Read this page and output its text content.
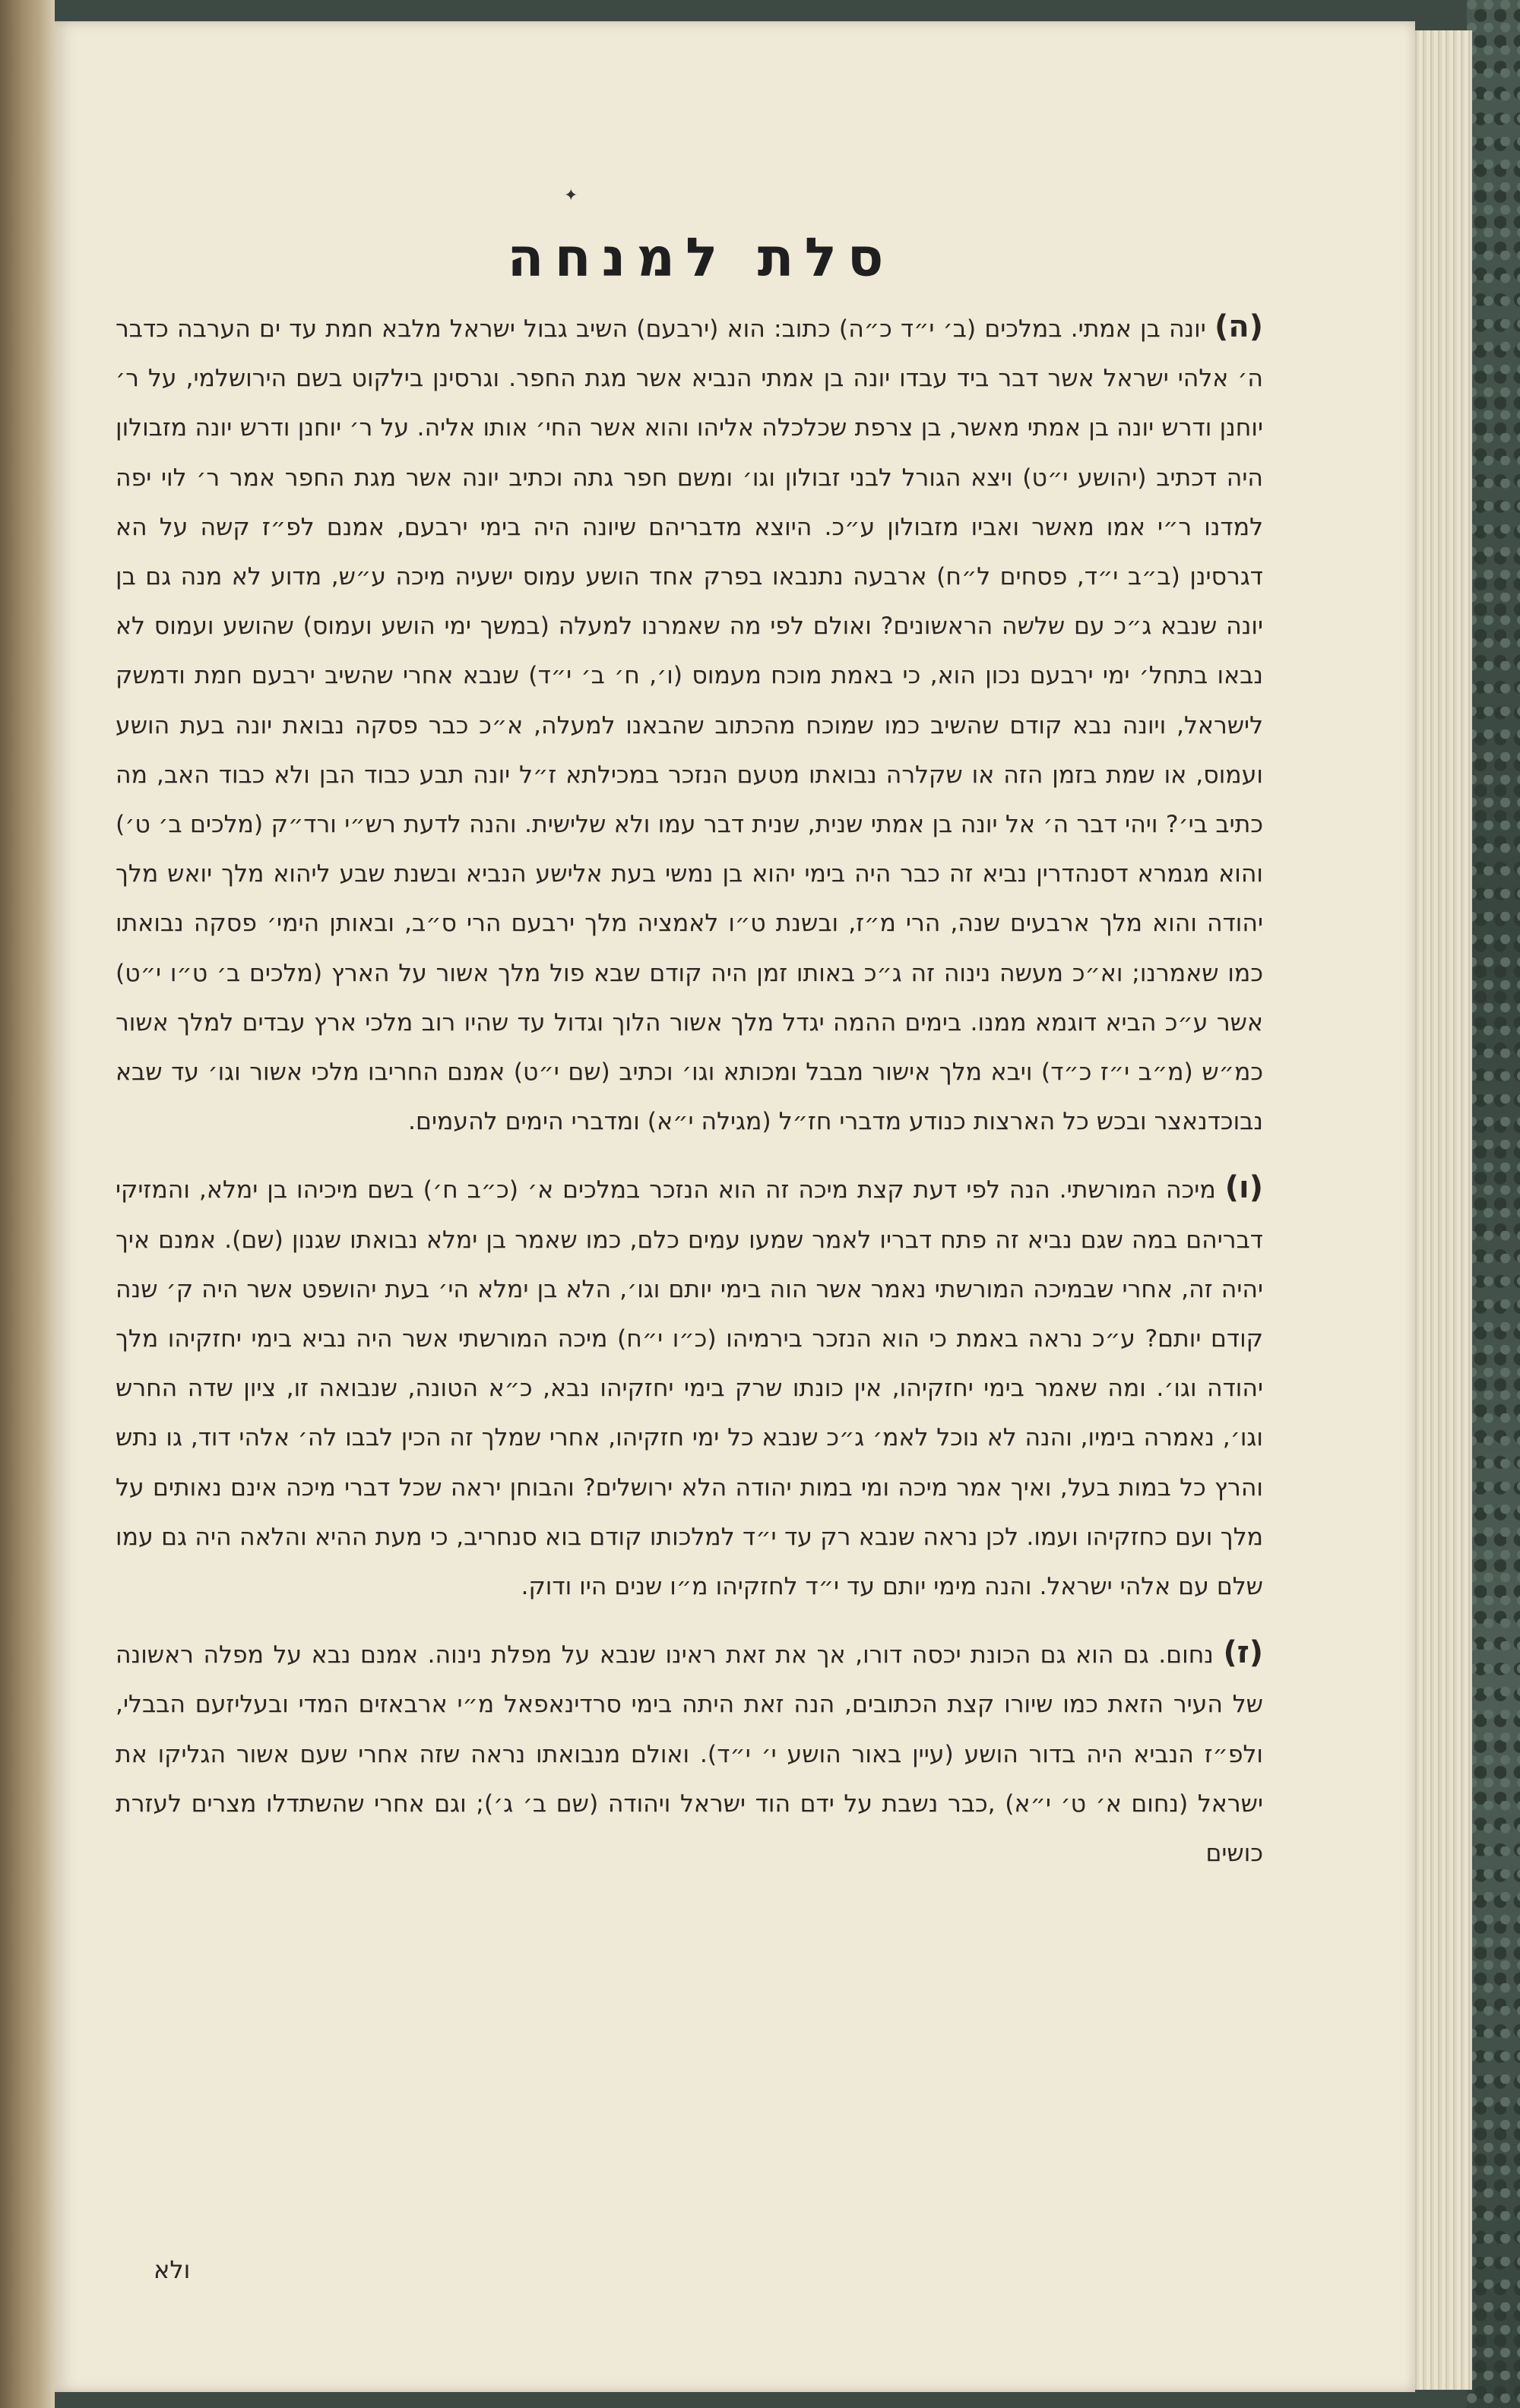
✦
סלת למנחה

(ה) יונה בן אמתי. במלכים (ב׳ י״ד כ״ה) כתוב: הוא (ירבעם) השיב גבול ישראל מלבא חמת עד ים הערבה כדבר ה׳ אלהי ישראל אשר דבר ביד עבדו יונה בן אמתי הנביא אשר מגת החפר. וגרסינן בילקוט בשם הירושלמי, על ר׳ יוחנן ודרש יונה בן אמתי מאשר, בן צרפת שכלכלה אליהו והוא אשר החי׳ אותו אליה. על ר׳ יוחנן ודרש יונה מזבולון היה דכתיב (יהושע י״ט) ויצא הגורל לבני זבולון וגו׳ ומשם חפר גתה וכתיב יונה אשר מגת החפר אמר ר׳ לוי יפה למדנו ר״י אמו מאשר ואביו מזבולון ע״כ. היוצא מדבריהם שיונה היה בימי ירבעם, אמנם לפ״ז קשה על הא דגרסינן (ב״ב י״ד, פסחים ל״ח) ארבעה נתנבאו בפרק אחד הושע עמוס ישעיה מיכה ע״ש, מדוע לא מנה גם בן יונה שנבא ג״כ עם שלשה הראשונים? ואולם לפי מה שאמרנו למעלה (במשך ימי הושע ועמוס) שהושע ועמוס לא נבאו בתחל׳ ימי ירבעם נכון הוא, כי באמת מוכח מעמוס (ו׳, ח׳ ב׳ י״ד) שנבא אחרי שהשיב ירבעם חמת ודמשק לישראל, ויונה נבא קודם שהשיב כמו שמוכח מהכתוב שהבאנו למעלה, א״כ כבר פסקה נבואת יונה בעת הושע ועמוס, או שמת בזמן הזה או שקלרה נבואתו מטעם הנזכר במכילתא ז״ל יונה תבע כבוד הבן ולא כבוד האב, מה כתיב בי׳? ויהי דבר ה׳ אל יונה בן אמתי שנית, שנית דבר עמו ולא שלישית. והנה לדעת רש״י ורד״ק (מלכים ב׳ ט׳) והוא מגמרא דסנהדרין נביא זה כבר היה בימי יהוא בן נמשי בעת אלישע הנביא ובשנת שבע ליהוא מלך יואש מלך יהודה והוא מלך ארבעים שנה, הרי מ״ז, ובשנת ט״ו לאמציה מלך ירבעם הרי ס״ב, ובאותן הימי׳ פסקה נבואתו כמו שאמרנו; וא״כ מעשה נינוה זה ג״כ באותו זמן היה קודם שבא פול מלך אשור על הארץ (מלכים ב׳ ט״ו י״ט) אשר ע״כ הביא דוגמא ממנו. בימים ההמה יגדל מלך אשור הלוך וגדול עד שהיו רוב מלכי ארץ עבדים למלך אשור כמ״ש (מ״ב י״ז כ״ד) ויבא מלך אישור מבבל ומכותא וגו׳ וכתיב (שם י״ט) אמנם החריבו מלכי אשור וגו׳ עד שבא נבוכדנאצר ובכש כל הארצות כנודע מדברי חז״ל (מגילה י״א) ומדברי הימים להעמים.

(ו) מיכה המורשתי. הנה לפי דעת קצת מיכה זה הוא הנזכר במלכים א׳ (כ״ב ח׳) בשם מיכיהו בן ימלא, והמזיקי דבריהם במה שגם נביא זה פתח דבריו לאמר שמעו עמים כלם, כמו שאמר בן ימלא נבואתו שגנון (שם). אמנם איך יהיה זה, אחרי שבמיכה המורשתי נאמר אשר הוה בימי יותם וגו׳, הלא בן ימלא הי׳ בעת יהושפט אשר היה ק׳ שנה קודם יותם? ע״כ נראה באמת כי הוא הנזכר בירמיהו (כ״ו י״ח) מיכה המורשתי אשר היה נביא בימי יחזקיהו מלך יהודה וגו׳. ומה שאמר בימי יחזקיהו, אין כונתו שרק בימי יחזקיהו נבא, כ״א הטונה, שנבואה זו, ציון שדה החרש וגו׳, נאמרה בימיו, והנה לא נוכל לאמ׳ ג״כ שנבא כל ימי חזקיהו, אחרי שמלך זה הכין לבבו לה׳ אלהי דוד, גו נתש והרץ כל במות בעל, ואיך אמר מיכה ומי במות יהודה הלא ירושלים? והבוחן יראה שכל דברי מיכה אינם נאותים על מלך ועם כחזקיהו ועמו. לכן נראה שנבא רק עד י״ד למלכותו קודם בוא סנחריב, כי מעת ההיא והלאה היה גם עמו שלם עם אלהי ישראל. והנה מימי יותם עד י״ד לחזקיהו מ״ו שנים היו ודוק.

(ז) נחום. גם הוא גם הכונת יכסה דורו, אך את זאת ראינו שנבא על מפלת נינוה. אמנם נבא על מפלה ראשונה של העיר הזאת כמו שיורו קצת הכתובים, הנה זאת היתה בימי סרדינאפאל מ״י ארבאזים המדי ובעליזעם הבבלי, ולפ״ז הנביא היה בדור הושע (עיין באור הושע י׳ י״ד). ואולם מנבואתו נראה שזה אחרי שעם אשור הגליקו את ישראל (נחום א׳ ט׳ י״א) ,כבר נשבת על ידם הוד ישראל ויהודה (שם ב׳ ג׳); וגם אחרי שהשתדלו מצרים לעזרת כושים

ולא
